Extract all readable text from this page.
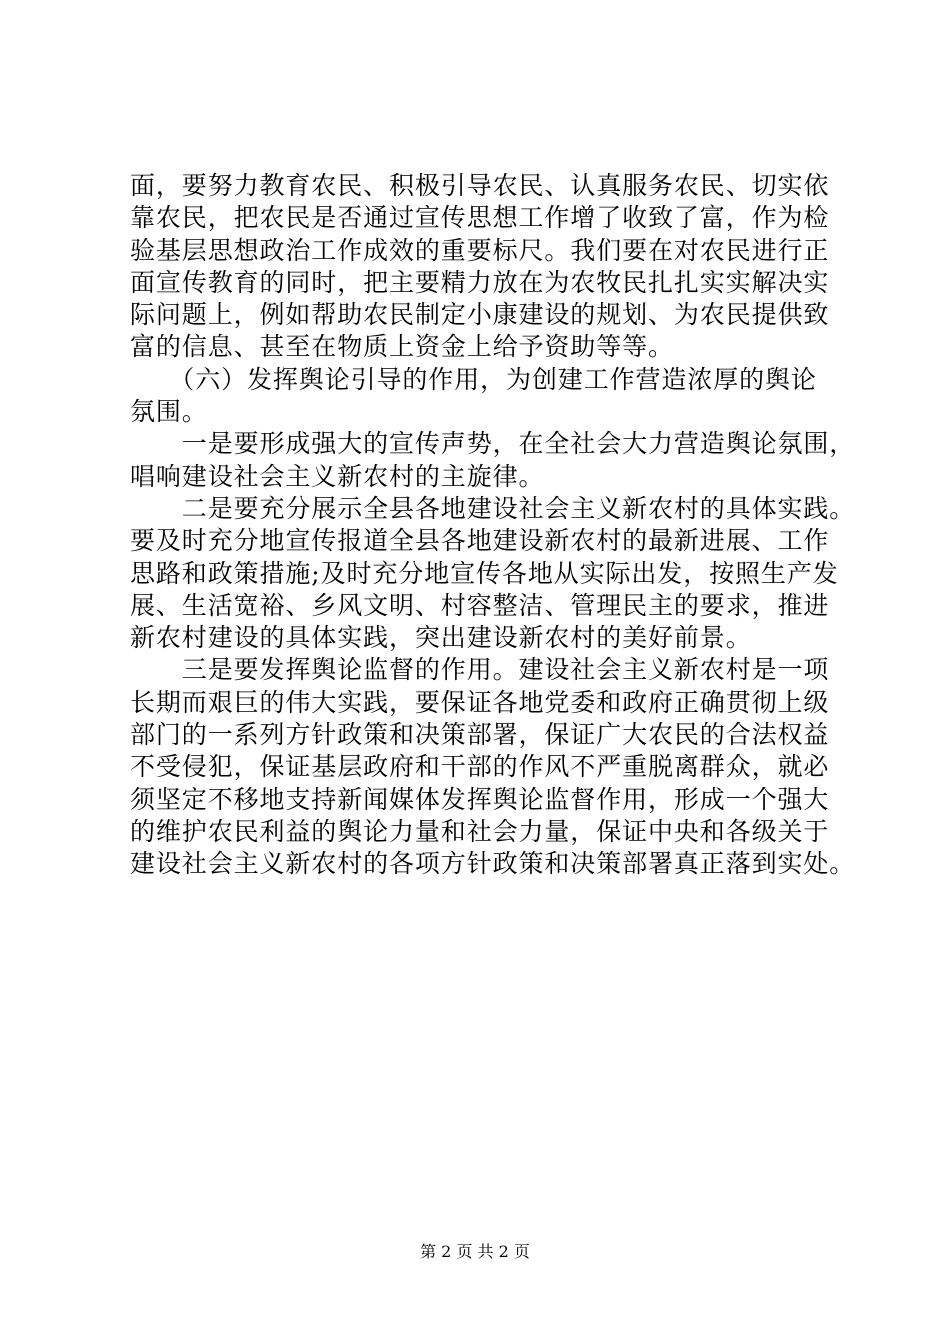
面，要努力教育农民、积极引导农民、认真服务农民、切实依
靠农民，把农民是否通过宣传思想工作增了收致了富，作为检
验基层思想政治工作成效的重要标尺。我们要在对农民进行正
面宣传教育的同时，把主要精力放在为农牧民扎扎实实解决实
际问题上，例如帮助农民制定小康建设的规划、为农民提供致
富的信息、甚至在物质上资金上给予资助等等。
　　（六）发挥舆论引导的作用，为创建工作营造浓厚的舆论
氛围。
　　一是要形成强大的宣传声势，在全社会大力营造舆论氛围，
唱响建设社会主义新农村的主旋律。
　　二是要充分展示全县各地建设社会主义新农村的具体实践。
要及时充分地宣传报道全县各地建设新农村的最新进展、工作
思路和政策措施;及时充分地宣传各地从实际出发，按照生产发
展、生活宽裕、乡风文明、村容整洁、管理民主的要求，推进
新农村建设的具体实践，突出建设新农村的美好前景。
　　三是要发挥舆论监督的作用。建设社会主义新农村是一项
长期而艰巨的伟大实践，要保证各地党委和政府正确贯彻上级
部门的一系列方针政策和决策部署，保证广大农民的合法权益
不受侵犯，保证基层政府和干部的作风不严重脱离群众，就必
须坚定不移地支持新闻媒体发挥舆论监督作用，形成一个强大
的维护农民利益的舆论力量和社会力量，保证中央和各级关于
建设社会主义新农村的各项方针政策和决策部署真正落到实处。
第 2 页 共 2 页
